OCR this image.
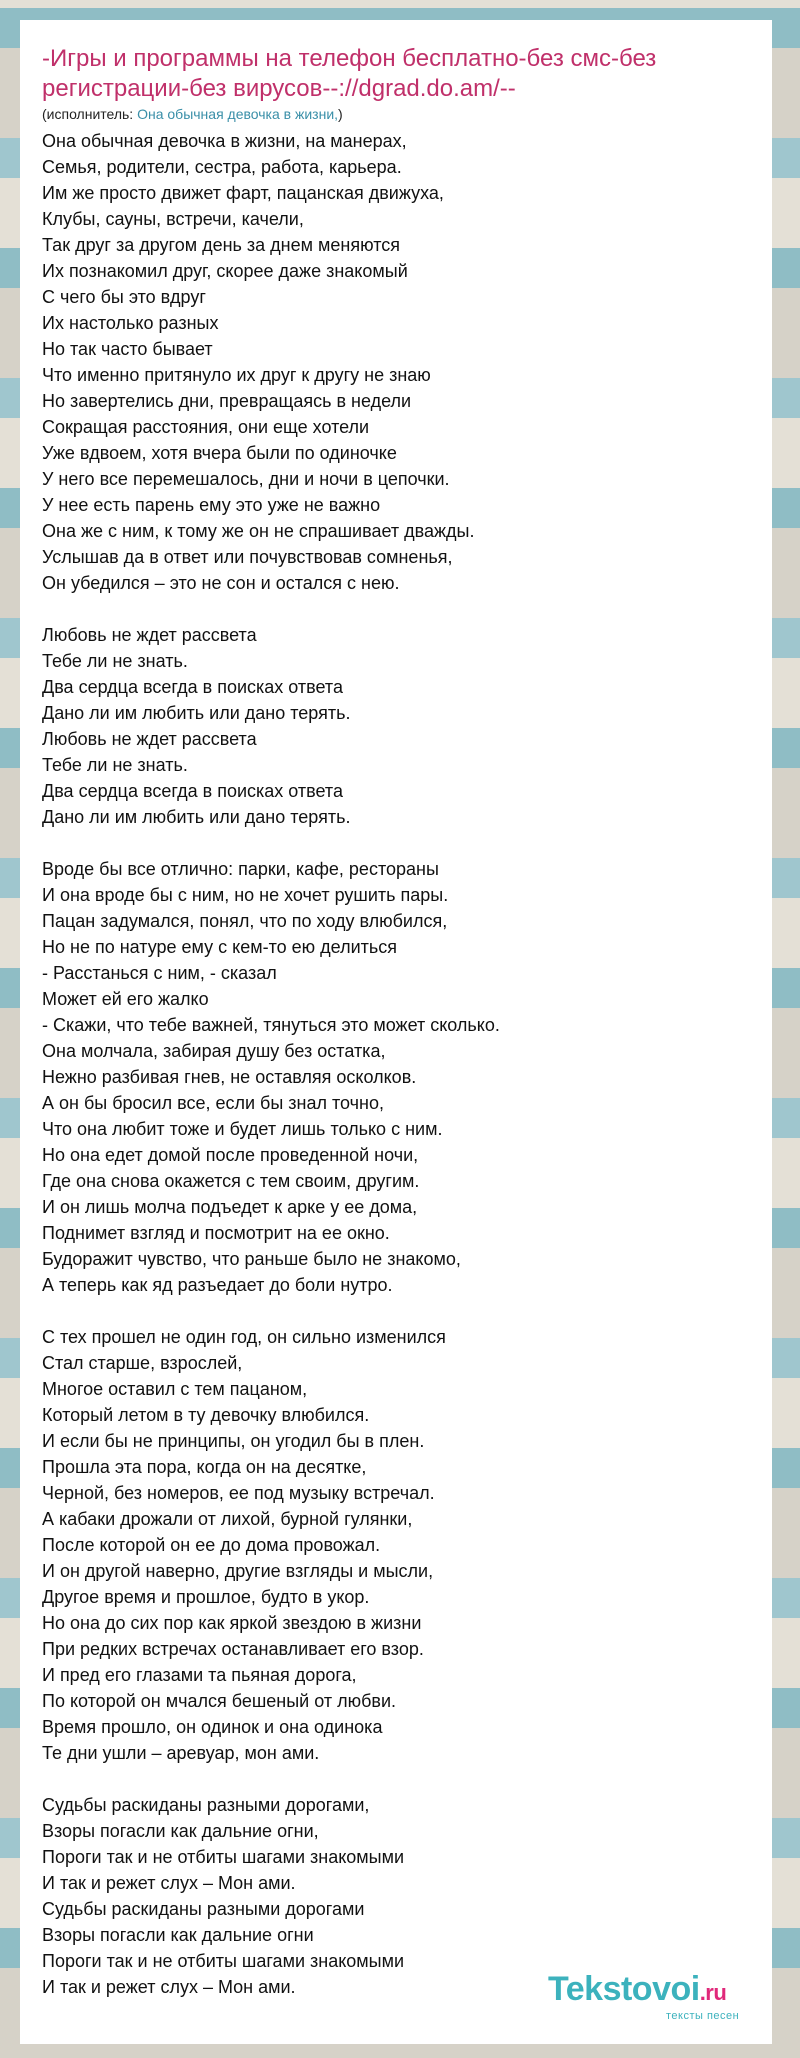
-Игры и программы на телефон бесплатно-без смс-без регистрации-без вирусов--://dgrad.do.am/--
(исполнитель: Она обычная девочка в жизни,)
Она обычная девочка в жизни, на манерах,
Семья, родители, сестра, работа, карьера.
Им же просто движет фарт, пацанская движуха,
Клубы, сауны, встречи, качели,
Так друг за другом день за днем меняются
Их познакомил друг, скорее даже знакомый
С чего бы это вдруг
Их настолько разных
Но так часто бывает
Что именно притянуло их друг к другу не знаю
Но завертелись дни, превращаясь в недели
Сокращая расстояния, они еще хотели
Уже вдвоем, хотя вчера были по одиночке
У него все перемешалось, дни и ночи в цепочки.
У нее есть парень ему это уже не важно
Она же с ним, к тому же он не спрашивает дважды.
Услышав да в ответ или почувствовав сомненья,
Он убедился – это не сон и остался с нею.
Любовь не ждет рассвета
Тебе ли не знать.
Два сердца всегда в поисках ответа
Дано ли им любить или дано терять.
Любовь не ждет рассвета
Тебе ли не знать.
Два сердца всегда в поисках ответа
Дано ли им любить или дано терять.
Вроде бы все отлично: парки, кафе, рестораны
И она вроде бы с ним, но не хочет рушить пары.
Пацан задумался, понял, что по ходу влюбился,
Но не по натуре ему с кем-то ею делиться
- Расстанься с ним, - сказал
Может ей его жалко
- Скажи, что тебе важней, тянуться это может сколько.
Она молчала, забирая душу без остатка,
Нежно разбивая гнев, не оставляя осколков.
А он бы бросил все, если бы знал точно,
Что она любит тоже и будет лишь только с ним.
Но она едет домой после проведенной ночи,
Где она снова окажется с тем своим, другим.
И он лишь молча подъедет к арке у ее дома,
Поднимет взгляд и посмотрит на ее окно.
Будоражит чувство, что раньше было не знакомо,
А теперь как яд разъедает до боли нутро.
С тех прошел не один год, он сильно изменился
Стал старше, взрослей,
Многое оставил с тем пацаном,
Который летом в ту девочку влюбился.
И если бы не принципы, он угодил бы в плен.
Прошла эта пора, когда он на десятке,
Черной, без номеров, ее под музыку встречал.
А кабаки дрожали от лихой, бурной гулянки,
После которой он ее до дома провожал.
И он другой наверно, другие взгляды и мысли,
Другое время и прошлое, будто в укор.
Но она до сих пор как яркой звездою в жизни
При редких встречах останавливает его взор.
И пред его глазами та пьяная дорога,
По которой он мчался бешеный от любви.
Время прошло, он одинок и она одинока
Те дни ушли – аревуар, мон ами.
Судьбы раскиданы разными дорогами,
Взоры погасли как дальние огни,
Пороги так и не отбиты шагами знакомыми
И так и режет слух – Мон ами.
Судьбы раскиданы разными дорогами
Взоры погасли как дальние огни
Пороги так и не отбиты шагами знакомыми
И так и режет слух – Мон ами.	Tekstovoi.ru
тексты песен
